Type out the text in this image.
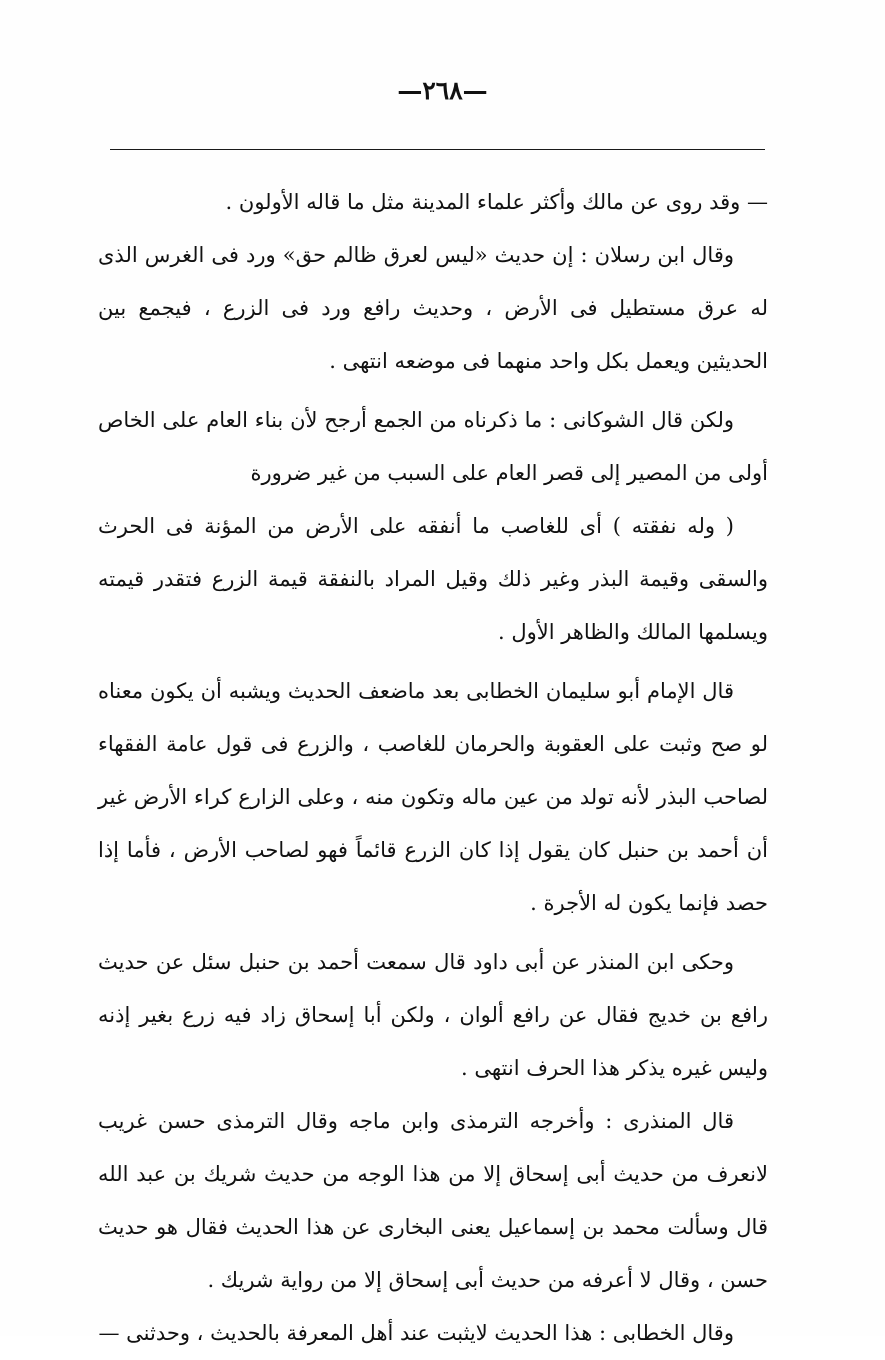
—٢٦٨—

— وقد روى عن مالك وأكثر علماء المدينة مثل ما قاله الأولون .

وقال ابن رسلان : إن حديث «ليس لعرق ظالم حق» ورد فى الغرس الذى له عرق مستطيل فى الأرض ، وحديث رافع ورد فى الزرع ، فيجمع بين الحديثين ويعمل بكل واحد منهما فى موضعه انتهى .

ولكن قال الشوكانى : ما ذكرناه من الجمع أرجح لأن بناء العام على الخاص أولى من المصير إلى قصر العام على السبب من غير ضرورة

( وله نفقته ) أى للغاصب ما أنفقه على الأرض من المؤنة فى الحرث والسقى وقيمة البذر وغير ذلك وقيل المراد بالنفقة قيمة الزرع فتقدر قيمته ويسلمها المالك والظاهر الأول .

قال الإمام أبو سليمان الخطابى بعد ماضعف الحديث ويشبه أن يكون معناه لو صح وثبت على العقوبة والحرمان للغاصب ، والزرع فى قول عامة الفقهاء لصاحب البذر لأنه تولد من عين ماله وتكون منه ، وعلى الزارع كراء الأرض غير أن أحمد بن حنبل كان يقول إذا كان الزرع قائماً فهو لصاحب الأرض ، فأما إذا حصد فإنما يكون له الأجرة .

وحكى ابن المنذر عن أبى داود قال سمعت أحمد بن حنبل سئل عن حديث رافع بن خديج فقال عن رافع ألوان ، ولكن أبا إسحاق زاد فيه زرع بغير إذنه وليس غيره يذكر هذا الحرف انتهى .

قال المنذرى : وأخرجه الترمذى وابن ماجه وقال الترمذى حسن غريب لانعرف من حديث أبى إسحاق إلا من هذا الوجه من حديث شريك بن عبد الله قال وسألت محمد بن إسماعيل يعنى البخارى عن هذا الحديث فقال هو حديث حسن ، وقال لا أعرفه من حديث أبى إسحاق إلا من رواية شريك .

وقال الخطابى : هذا الحديث لايثبت عند أهل المعرفة بالحديث ، وحدثنى —
